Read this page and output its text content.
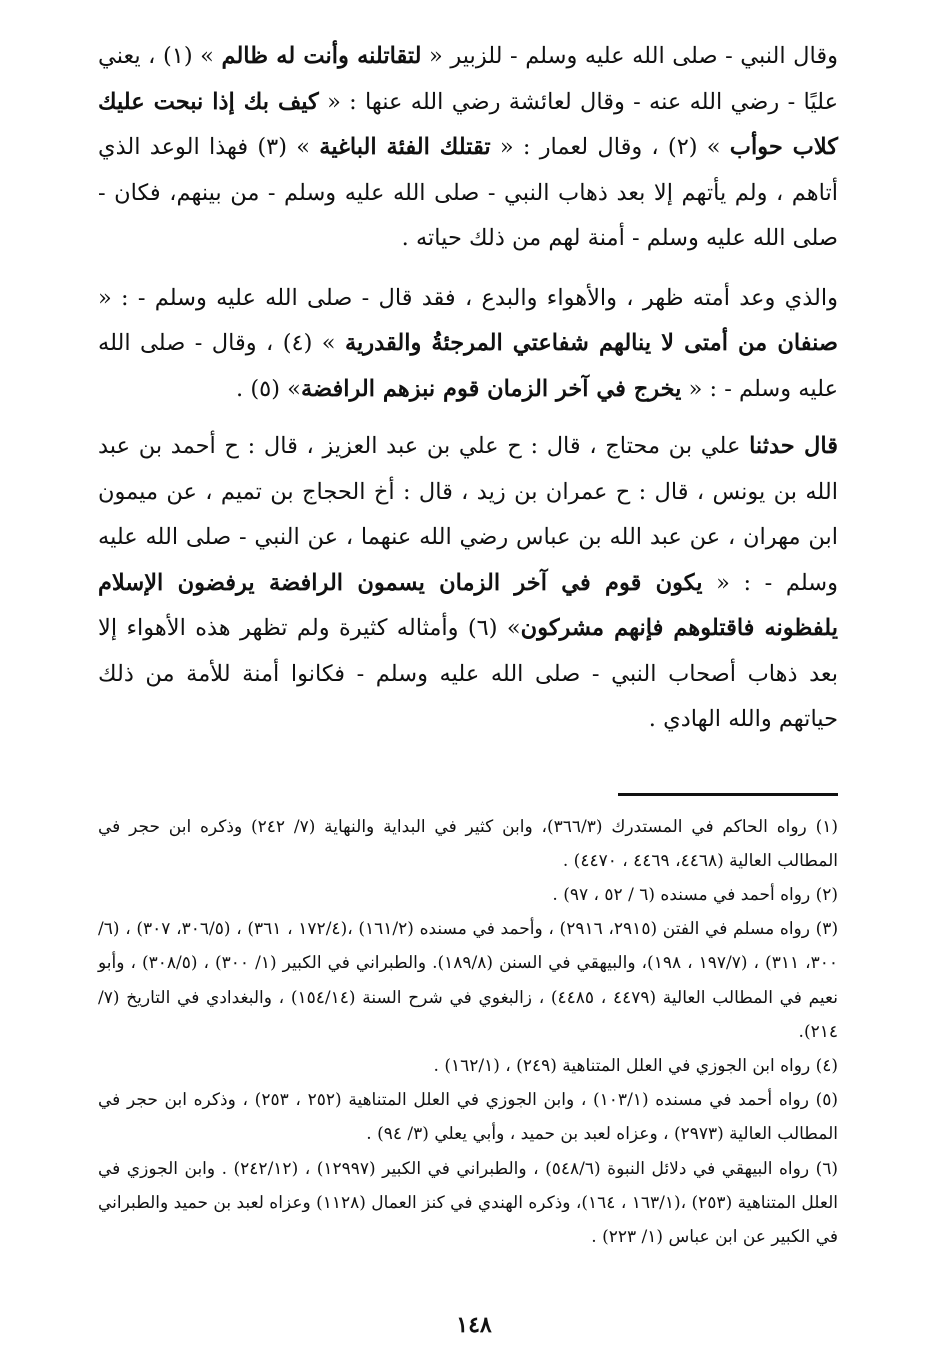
وقال النبي - صلى الله عليه وسلم - للزبير « لتقاتلنه وأنت له ظالم » (١) ، يعني عليًا - رضي الله عنه - وقال لعائشة رضي الله عنها : « كيف بك إذا نبحت عليك كلاب حوأب » (٢) ، وقال لعمار : « تقتلك الفئة الباغية » (٣) فهذا الوعد الذي أتاهم ، ولم يأتهم إلا بعد ذهاب النبي - صلى الله عليه وسلم - من بينهم، فكان - صلى الله عليه وسلم - أمنة لهم من ذلك حياته .

والذي وعد أمته ظهر ، والأهواء والبدع ، فقد قال - صلى الله عليه وسلم - : « صنفان من أمتى لا ينالهم شفاعتي المرجئةُ والقدرية » (٤) ، وقال - صلى الله عليه وسلم - : « يخرج في آخر الزمان قوم نبزهم الرافضة» (٥) .

قال حدثنا علي بن محتاج ، قال : ح علي بن عبد العزيز ، قال : ح أحمد بن عبد الله بن يونس ، قال : ح عمران بن زيد ، قال : أخ الحجاج بن تميم ، عن ميمون ابن مهران ، عن عبد الله بن عباس رضي الله عنهما ، عن النبي - صلى الله عليه وسلم - : « يكون قوم في آخر الزمان يسمون الرافضة يرفضون الإسلام يلفظونه فاقتلوهم فإنهم مشركون» (٦) وأمثاله كثيرة ولم تظهر هذه الأهواء إلا بعد ذهاب أصحاب النبي - صلى الله عليه وسلم - فكانوا أمنة للأمة من ذلك حياتهم والله الهادي .

(١) رواه الحاكم في المستدرك (٣٦٦/٣)، وابن كثير في البداية والنهاية (٧/ ٢٤٢) وذكره ابن حجر في المطالب العالية (٤٤٦٨، ٤٤٦٩ ، ٤٤٧٠) .

(٢) رواه أحمد في مسنده (٦ / ٥٢ ، ٩٧) .

(٣) رواه مسلم في الفتن (٢٩١٥، ٢٩١٦) ، وأحمد في مسنده (١٦١/٢) ،(١٧٢/٤ ، ٣٦١) ، (٣٠٦/٥، ٣٠٧) ، (٦/ ٣٠٠، ٣١١) ، (١٩٧/٧ ، ١٩٨)، والبيهقي في السنن (١٨٩/٨). والطبراني في الكبير (١/ ٣٠٠) ، (٣٠٨/٥) ، وأبو نعيم في المطالب العالية (٤٤٧٩ ، ٤٤٨٥) ، زالبغوي في شرح السنة (١٥٤/١٤) ، والبغدادي في التاريخ (٧/ ٢١٤).

(٤) رواه ابن الجوزي في العلل المتناهية (٢٤٩) ، (١٦٢/١) .

(٥) رواه أحمد في مسنده (١٠٣/١) ، وابن الجوزي في العلل المتناهية (٢٥٢ ، ٢٥٣) ، وذكره ابن حجر في المطالب العالية (٢٩٧٣) ، وعزاه لعبد بن حميد ، وأبي يعلي (٣/ ٩٤) .

(٦) رواه البيهقي في دلائل النبوة (٥٤٨/٦) ، والطبراني في الكبير (١٢٩٩٧) ، (٢٤٢/١٢) . وابن الجوزي في العلل المتناهية (٢٥٣) ،(١٦٣/١ ، ١٦٤)، وذكره الهندي في كنز العمال (١١٢٨) وعزاه لعبد بن حميد والطبراني في الكبير عن ابن عباس (١/ ٢٢٣) .

١٤٨
